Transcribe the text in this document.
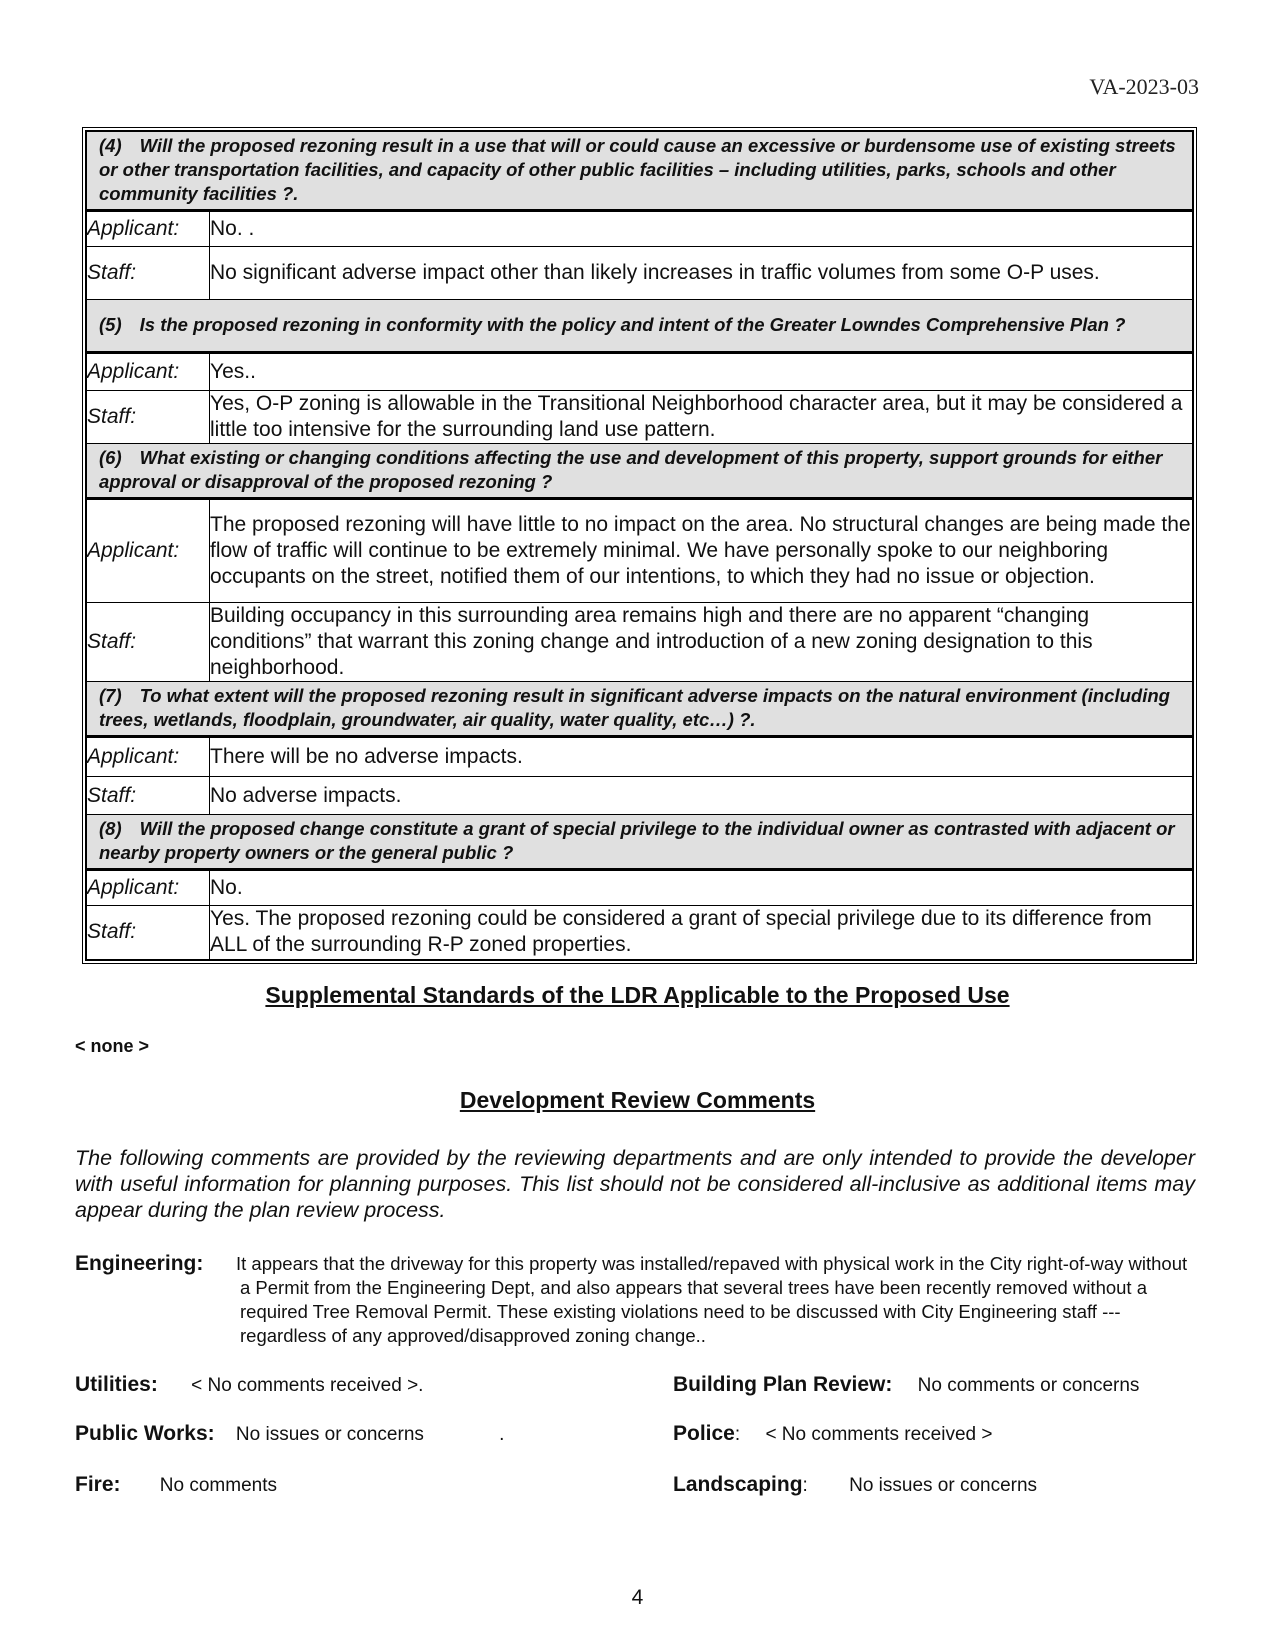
VA-2023-03
(4) Will the proposed rezoning result in a use that will or could cause an excessive or burdensome use of existing streets or other transportation facilities, and capacity of other public facilities – including utilities, parks, schools and other community facilities ?.	
Applicant:	No. .
Staff:	No significant adverse impact other than likely increases in traffic volumes from some O-P uses.
(5) Is the proposed rezoning in conformity with the policy and intent of the Greater Lowndes Comprehensive Plan ?	
Applicant:	Yes..
Staff:	Yes, O-P zoning is allowable in the Transitional Neighborhood character area, but it may be considered a little too intensive for the surrounding land use pattern.
(6) What existing or changing conditions affecting the use and development of this property, support grounds for either approval or disapproval of the proposed rezoning ?	
Applicant:	The proposed rezoning will have little to no impact on the area. No structural changes are being made the flow of traffic will continue to be extremely minimal. We have personally spoke to our neighboring occupants on the street, notified them of our intentions, to which they had no issue or objection.
Staff:	Building occupancy in this surrounding area remains high and there are no apparent “changing conditions” that warrant this zoning change and introduction of a new zoning designation to this neighborhood.
(7) To what extent will the proposed rezoning result in significant adverse impacts on the natural environment (including trees, wetlands, floodplain, groundwater, air quality, water quality, etc…) ?.	
Applicant:	There will be no adverse impacts.
Staff:	No adverse impacts.
(8) Will the proposed change constitute a grant of special privilege to the individual owner as contrasted with adjacent or nearby property owners or the general public ?	
Applicant:	No.
Staff:	Yes. The proposed rezoning could be considered a grant of special privilege due to its difference from ALL of the surrounding R-P zoned properties.
Supplemental Standards of the LDR Applicable to the Proposed Use
< none >
Development Review Comments
The following comments are provided by the reviewing departments and are only intended to provide the developer with useful information for planning purposes. This list should not be considered all-inclusive as additional items may appear during the plan review process.
Engineering: It appears that the driveway for this property was installed/repaved with physical work in the City right-of-way without a Permit from the Engineering Dept, and also appears that several trees have been recently removed without a required Tree Removal Permit. These existing violations need to be discussed with City Engineering staff --- regardless of any approved/disapproved zoning change..
Utilities: < No comments received >.	Building Plan Review: No comments or concerns
Public Works: No issues or concerns	.	Police: < No comments received >
Fire: No comments	Landscaping: No issues or concerns
4
